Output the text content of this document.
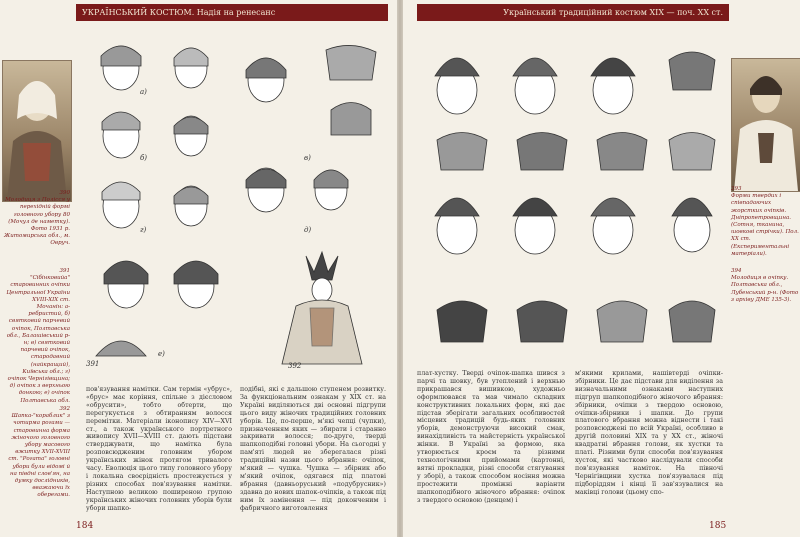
УКРАЇНСЬКИЙ КОСТЮМ. Надія на ренесанс
390
Молодиця з Полісся у перехідній формі головного убору 80 (Мочул де наметку). Фото 1931 р. Житомирська обл., м. Овруч.
391
"Сiбiнковийа" старовинних очіпки Центральної України XVIII-XIX ст. Мочанін: а-ребристий, б) святковий парчевий очіпок, Полтавська обл., Балашівський р-н; в) святковий парчевий очіпок, стародавний (найкращий), Київська обл.; г) очіпок Чернігівщина; д) очіпок з верхньою донкою; е) очіпок Полтавська обл.
392
Шапка-"кораблик" з чотирма рогами — старовинна форма жіночого головного убору масового вжитку XVII-XVIII ст. "Рогата" головні убори були відомі й на півдні слов'ян, на думку дослідників, вважаючи їх оберегами.
а)
б)	в)
г)	д)
е)
391	392
пов'язування намітки. Сам термін «убрус», «брус» має коріння, спільне з дієсловом «обрусити», тобто обтерти, що перегукується з обтиранням волосся перемітки. Матеріали іконопису XIV—XVI ст., а також українського портретного живопису XVII—XVIII ст. дають підстави стверджувати, що намітка була розповсюдженим головним убором українських жінок протягом тривалого часу. Еволюція цього типу головного убору і локальна своєрідність простежується у різних способах пов'язування намітки. Наступною великою поширеною групою українських жіночих головних уборів були убори шапко-
подібні, які є дальшою ступенем розвитку. За функціональним ознакам у XIX ст. на Україні виділяються дві основні підгрупи цього виду жіночих традиційних головних уборів. Це, по-перше, м'які чепці (чупки), призначенням яких — збирати і старанно закривати волосся; по-друге, тверді шапкоподібні головні убори. На сьогодні у пам'яті людей не зберегалася різні традиційні назви цього вбрання: очіпок, м'який — чушка. Чушка — збірник або м'який очіпок, одягався під платові вбрання (давньоруський «подубрусник») здавна до нових шапок-очіпків, а також під ним їх замінення — під доконченим і фабричного виготовлення
184
Український традиційний костюм XIX — поч. XX ст.
393
Форми твердих і співпадаючих жорстких очіпків. Дніпропетровщина. (Сотня, тканина, шовкові стрічки). Пол. XX ст. (Експериментальні матеріали).
394
Молодиця в очіпку. Полтавська обл., Лубенський р-н. (Фото з архіву ДМЕ 135-3).
плат-хустку. Тверді очіпок-шапка шився з парчі та шовку, був утеплений і верхнью прикрашався вишивкою, художньо оформлювався та мав чимало складних конструктивних локальних форм, які дає підстав зберігати загальних особливостей місцевих традицій будь-яких головних уборів, демонструючи високий смак, винахідливість та майстерність української жінки. В Україні за формою, яка утворюється кроєм та різними технологічними прийомами (картонні, вятні прокладки, різні способи стягування у зборі), а також способом носіння можна простежити проміжні варіанти шапкоподібного жіночого вбрання: очіпок з твердого основою (денцем) і
м'якими крилами, нашівтерді очіпки-збірники. Це дає підстави для виділення за визначальними ознаками наступних підгруп шапкоподібного жіночого вбрання: збірники, очіпки з твердою основою, очіпки-збірники і шапки. До групи платового вбрання можна віднести і такі розповсюджені по всій Україні, особливо в другій половині XIX та у XX ст., жіночі квадратні вбрання голови, як хустки та платі. Різними були способи пов'язування хусток, які частково наслідували способи пов'язування наміток. На півночі Чернігівщини хустка пов'язувалася під підборіддям і кінці її зав'язувалися на маківці голови (цьому спо-
185
